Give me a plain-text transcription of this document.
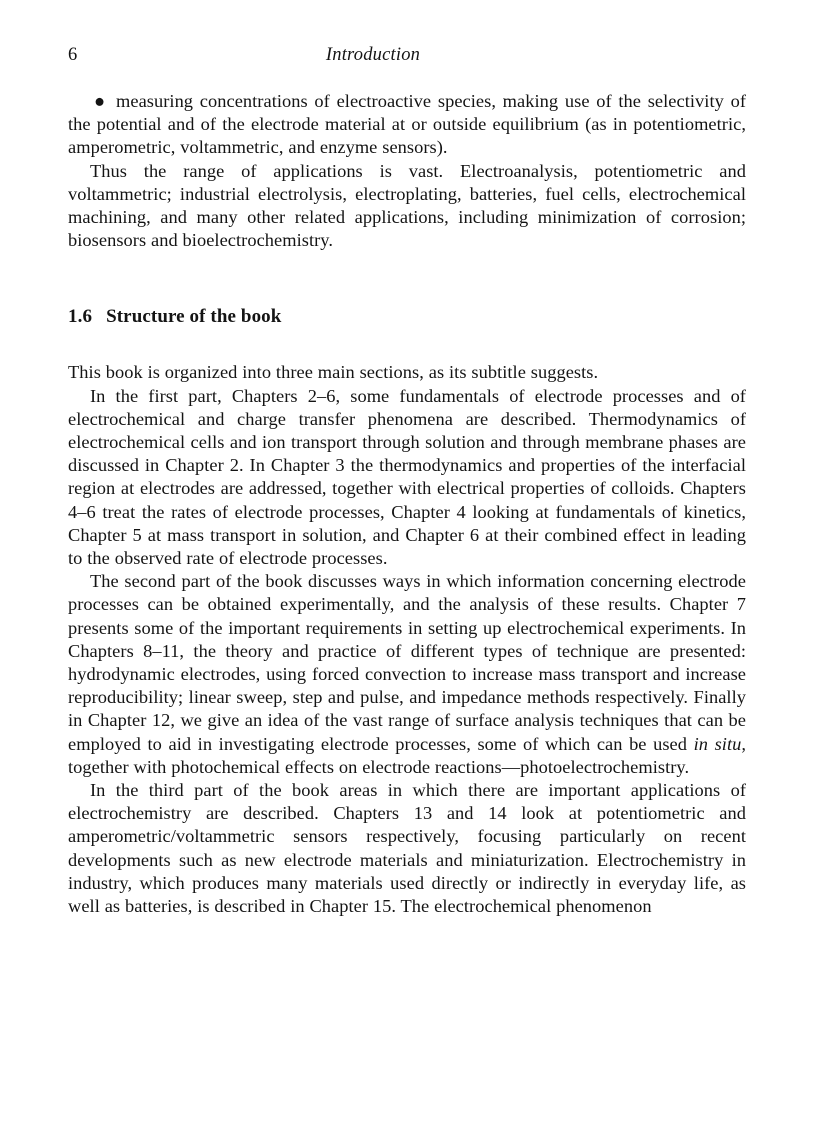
6	Introduction

● measuring concentrations of electroactive species, making use of the selectivity of the potential and of the electrode material at or outside equilibrium (as in potentiometric, amperometric, voltammetric, and enzyme sensors).

Thus the range of applications is vast. Electroanalysis, potentiometric and voltammetric; industrial electrolysis, electroplating, batteries, fuel cells, electrochemical machining, and many other related applications, including minimization of corrosion; biosensors and bioelectrochemistry.

1.6 Structure of the book

This book is organized into three main sections, as its subtitle suggests.

In the first part, Chapters 2–6, some fundamentals of electrode processes and of electrochemical and charge transfer phenomena are described. Thermodynamics of electrochemical cells and ion transport through solution and through membrane phases are discussed in Chapter 2. In Chapter 3 the thermodynamics and properties of the interfacial region at electrodes are addressed, together with electrical properties of colloids. Chapters 4–6 treat the rates of electrode processes, Chapter 4 looking at fundamentals of kinetics, Chapter 5 at mass transport in solution, and Chapter 6 at their combined effect in leading to the observed rate of electrode processes.

The second part of the book discusses ways in which information concerning electrode processes can be obtained experimentally, and the analysis of these results. Chapter 7 presents some of the important requirements in setting up electrochemical experiments. In Chapters 8–11, the theory and practice of different types of technique are presented: hydrodynamic electrodes, using forced convection to increase mass transport and increase reproducibility; linear sweep, step and pulse, and impedance methods respectively. Finally in Chapter 12, we give an idea of the vast range of surface analysis techniques that can be employed to aid in investigating electrode processes, some of which can be used in situ, together with photochemical effects on electrode reactions—photoelectrochemistry.

In the third part of the book areas in which there are important applications of electrochemistry are described. Chapters 13 and 14 look at potentiometric and amperometric/voltammetric sensors respectively, focusing particularly on recent developments such as new electrode materials and miniaturization. Electrochemistry in industry, which produces many materials used directly or indirectly in everyday life, as well as batteries, is described in Chapter 15. The electrochemical phenomenon
